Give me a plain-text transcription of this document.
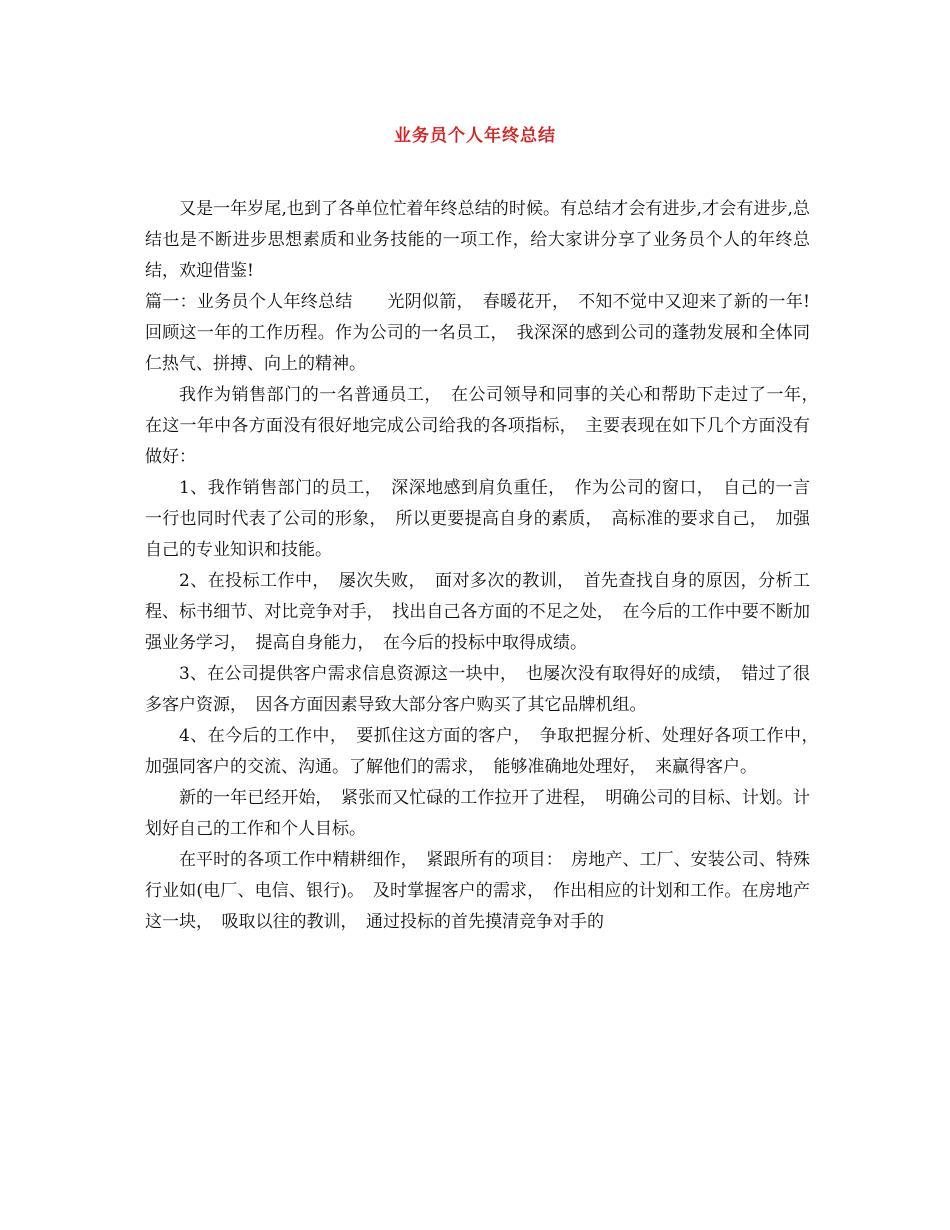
业务员个人年终总结

又是一年岁尾,也到了各单位忙着年终总结的时候。有总结才会有进步,才会有进步,总结也是不断进步思想素质和业务技能的一项工作，给大家讲分享了业务员个人的年终总结，欢迎借鉴!

篇一：业务员个人年终总结　　光阴似箭，　春暖花开，　不知不觉中又迎来了新的一年! 回顾这一年的工作历程。作为公司的一名员工，　我深深的感到公司的蓬勃发展和全体同仁热气、拼搏、向上的精神。

我作为销售部门的一名普通员工，　在公司领导和同事的关心和帮助下走过了一年，　在这一年中各方面没有很好地完成公司给我的各项指标，　主要表现在如下几个方面没有做好：

1、我作销售部门的员工，　深深地感到肩负重任，　作为公司的窗口，　自己的一言一行也同时代表了公司的形象，　所以更要提高自身的素质，　高标准的要求自己，　加强自己的专业知识和技能。

2、在投标工作中，　屡次失败，　面对多次的教训，　首先查找自身的原因，分析工程、标书细节、对比竞争对手，　找出自己各方面的不足之处，　在今后的工作中要不断加强业务学习，　提高自身能力，　在今后的投标中取得成绩。

3、在公司提供客户需求信息资源这一块中，　也屡次没有取得好的成绩，　错过了很多客户资源，　因各方面因素导致大部分客户购买了其它品牌机组。

4、在今后的工作中，　要抓住这方面的客户，　争取把握分析、处理好各项工作中，　加强同客户的交流、沟通。了解他们的需求，　能够准确地处理好，　来赢得客户。

新的一年已经开始，　紧张而又忙碌的工作拉开了进程，　明确公司的目标、计划。计划好自己的工作和个人目标。

在平时的各项工作中精耕细作，　紧跟所有的项目：　房地产、工厂、安装公司、特殊行业如(电厂、电信、银行)。　及时掌握客户的需求，　作出相应的计划和工作。在房地产这一块，　吸取以往的教训，　通过投标的首先摸清竞争对手的
